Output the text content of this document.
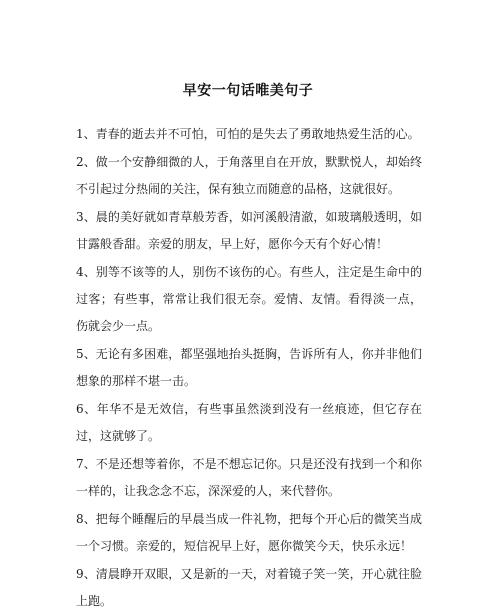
早安一句话唯美句子

1、青春的逝去并不可怕，可怕的是失去了勇敢地热爱生活的心。

2、做一个安静细微的人，于角落里自在开放，默默悦人，却始终不引起过分热闹的关注，保有独立而随意的品格，这就很好。

3、晨的美好就如青草般芳香，如河溪般清澈，如玻璃般透明，如甘露般香甜。亲爱的朋友，早上好，愿你今天有个好心情！

4、别等不该等的人，别伤不该伤的心。有些人，注定是生命中的过客；有些事，常常让我们很无奈。爱情、友情。看得淡一点，伤就会少一点。

5、无论有多困难，都坚强地抬头挺胸，告诉所有人，你并非他们想象的那样不堪一击。

6、年华不是无效信，有些事虽然淡到没有一丝痕迹，但它存在过，这就够了。

7、不是还想等着你，不是不想忘记你。只是还没有找到一个和你一样的，让我念念不忘，深深爱的人，来代替你。

8、把每个睡醒后的早晨当成一件礼物，把每个开心后的微笑当成一个习惯。亲爱的，短信祝早上好，愿你微笑今天，快乐永远！

9、清晨睁开双眼，又是新的一天，对着镜子笑一笑，开心就往脸上跑。
